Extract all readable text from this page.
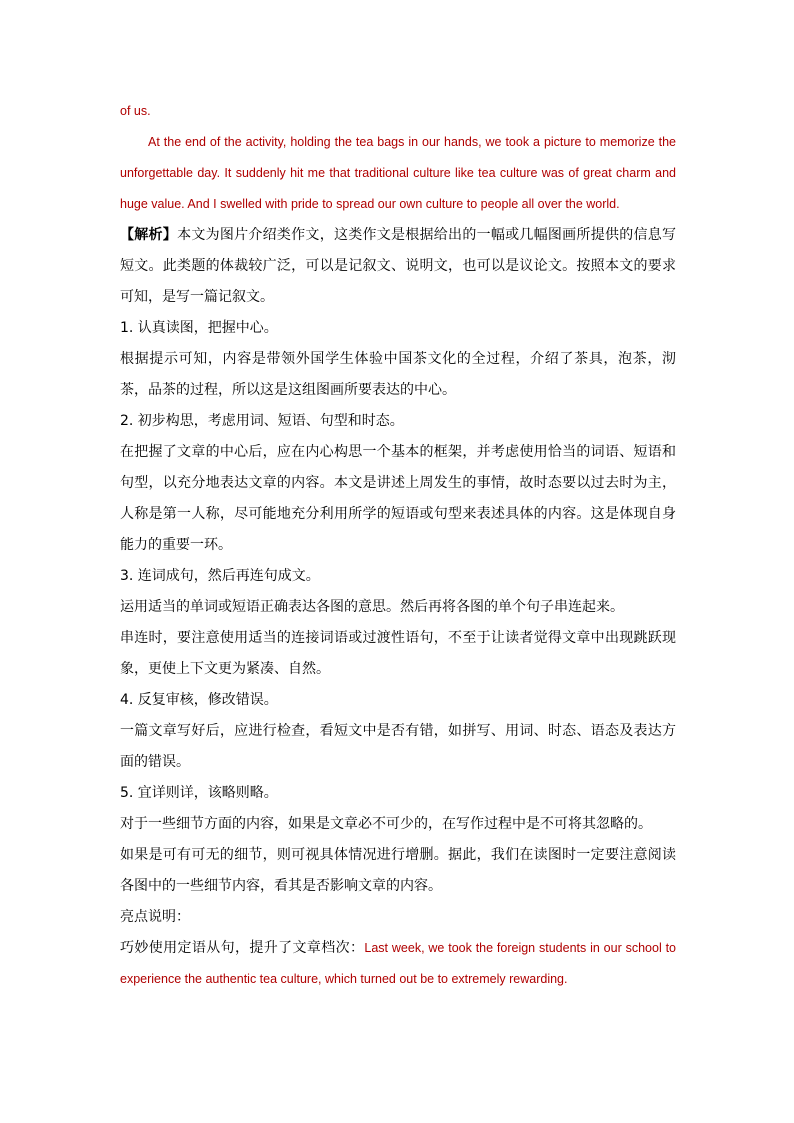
of us.

At the end of the activity, holding the tea bags in our hands, we took a picture to memorize the unforgettable day. It suddenly hit me that traditional culture like tea culture was of great charm and huge value. And I swelled with pride to spread our own culture to people all over the world.

【解析】本文为图片介绍类作文，这类作文是根据给出的一幅或几幅图画所提供的信息写短文。此类题的体裁较广泛，可以是记叙文、说明文，也可以是议论文。按照本文的要求可知，是写一篇记叙文。

1. 认真读图，把握中心。

根据提示可知，内容是带领外国学生体验中国茶文化的全过程，介绍了茶具，泡茶，沏茶，品茶的过程，所以这是这组图画所要表达的中心。

2. 初步构思，考虑用词、短语、句型和时态。

在把握了文章的中心后，应在内心构思一个基本的框架，并考虑使用恰当的词语、短语和句型，以充分地表达文章的内容。本文是讲述上周发生的事情，故时态要以过去时为主，人称是第一人称，尽可能地充分利用所学的短语或句型来表述具体的内容。这是体现自身能力的重要一环。

3. 连词成句，然后再连句成文。

运用适当的单词或短语正确表达各图的意思。然后再将各图的单个句子串连起来。

串连时，要注意使用适当的连接词语或过渡性语句，不至于让读者觉得文章中出现跳跃现象，更使上下文更为紧凑、自然。

4. 反复审核，修改错误。

一篇文章写好后，应进行检查，看短文中是否有错，如拼写、用词、时态、语态及表达方面的错误。

5. 宜详则详，该略则略。

对于一些细节方面的内容，如果是文章必不可少的，在写作过程中是不可将其忽略的。

如果是可有可无的细节，则可视具体情况进行增删。据此，我们在读图时一定要注意阅读各图中的一些细节内容，看其是否影响文章的内容。

亮点说明：

巧妙使用定语从句，提升了文章档次：Last week, we took the foreign students in our school to experience the authentic tea culture, which turned out be to extremely rewarding.
